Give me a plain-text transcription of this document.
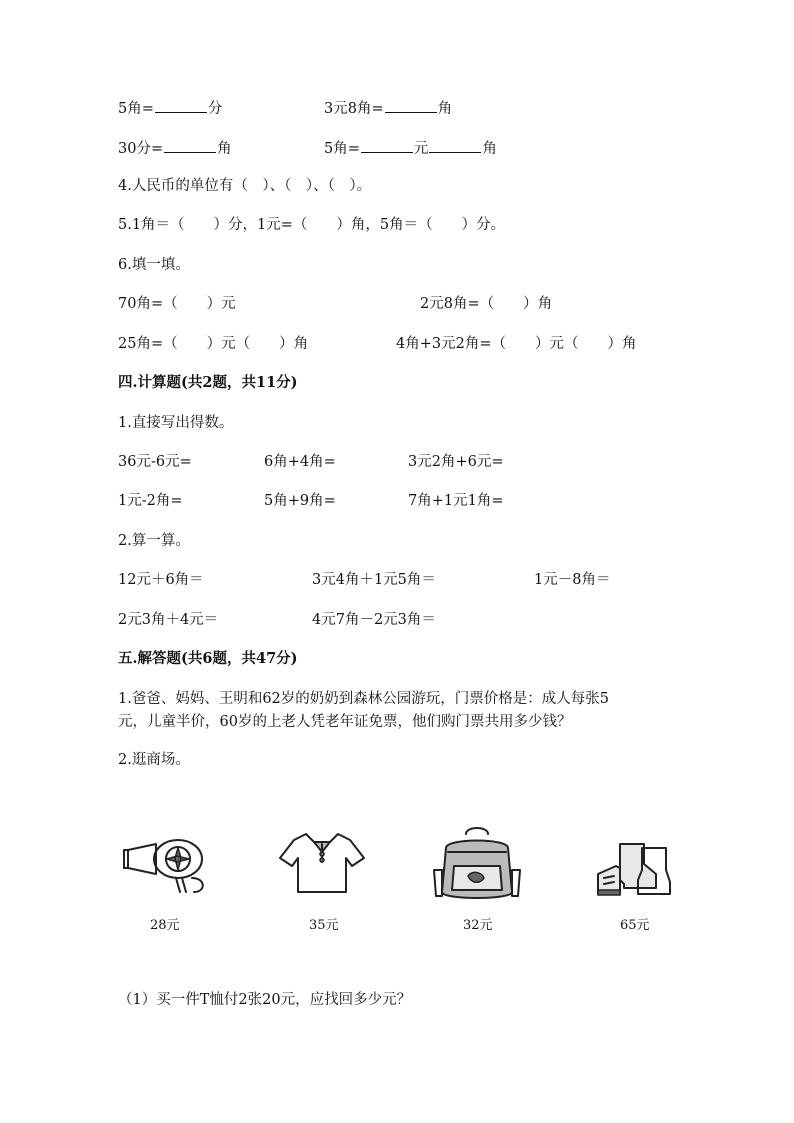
5角=	分	3元8角=	角
30分=	角	5角=	元	角
4.人民币的单位有（　）、（　）、（　）。
5.1角＝（　　）分，1元=（　　）角，5角＝（　　）分。
6.填一填。
70角=（　　）元	2元8角=（　　）角
25角=（　　）元（　　）角	4角+3元2角=（　　）元（　　）角
四.计算题(共2题，共11分)
1.直接写出得数。
36元-6元=	6角+4角=	3元2角+6元=
1元-2角=	5角+9角=	7角+1元1角=
2.算一算。
12元＋6角＝	3元4角＋1元5角＝	1元－8角＝
2元3角＋4元＝	4元7角－2元3角＝
五.解答题(共6题，共47分)
1.爸爸、妈妈、王明和62岁的奶奶到森林公园游玩，门票价格是：成人每张5
元，儿童半价，60岁的上老人凭老年证免票，他们购门票共用多少钱？
2.逛商场。
28元	35元	32元	65元
（1）买一件T恤付2张20元，应找回多少元？
